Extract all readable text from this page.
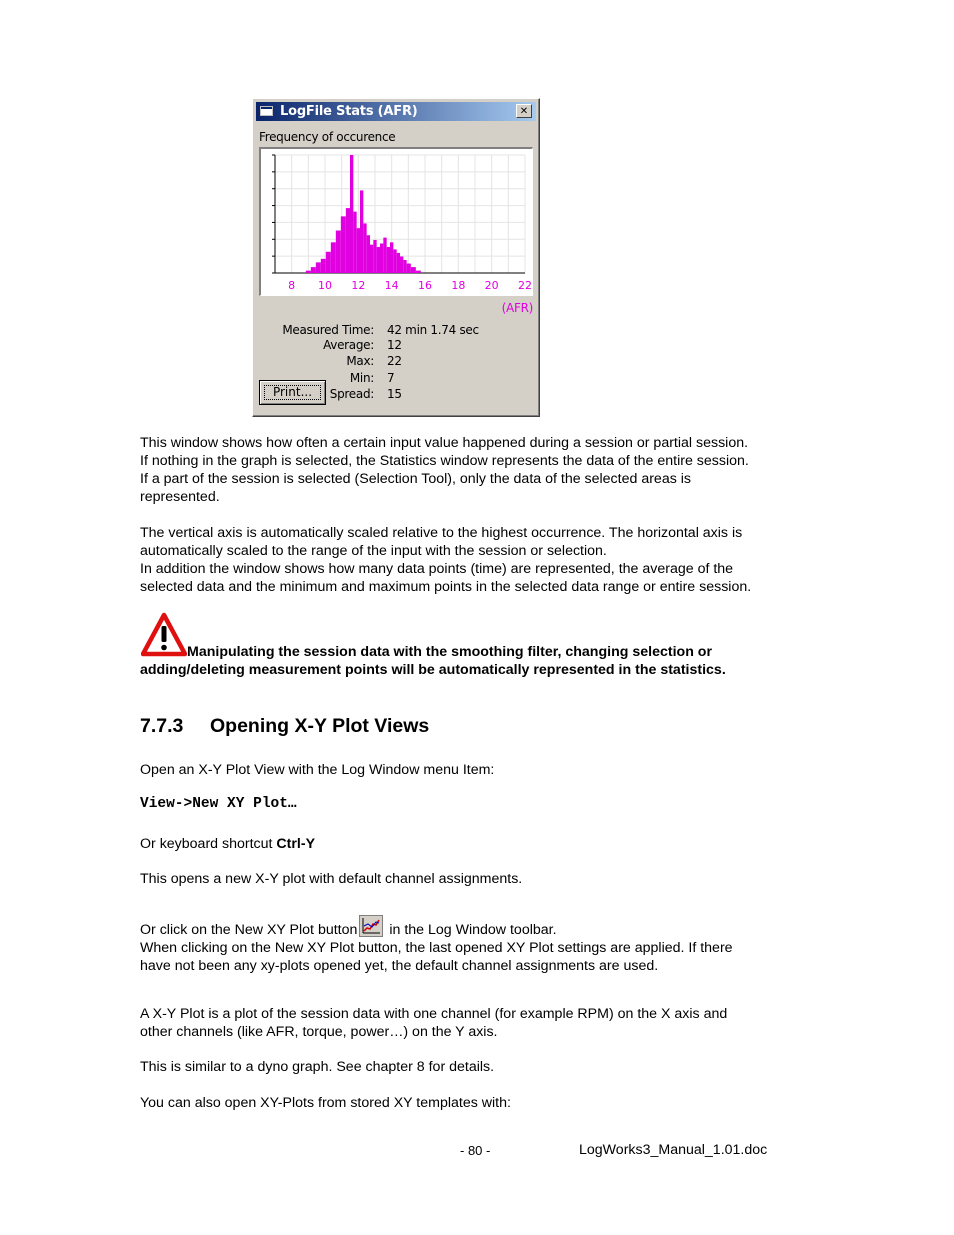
LogFile Stats (AFR)	✕
Frequency of occurence
8 10 12 14 16 18 20 22
(AFR)
Measured Time: 42 min 1.74 sec
Average: 12
Max: 22
Min: 7
Spread: 15
Print...
This window shows how often a certain input value happened during a session or partial session.
If nothing in the graph is selected, the Statistics window represents the data of the entire session.
If a part of the session is selected (Selection Tool), only the data of the selected areas is
represented.
The vertical axis is automatically scaled relative to the highest occurrence. The horizontal axis is
automatically scaled to the range of the input with the session or selection.
In addition the window shows how many data points (time) are represented, the average of the
selected data and the minimum and maximum points in the selected data range or entire session.
Manipulating the session data with the smoothing filter, changing selection or
adding/deleting measurement points will be automatically represented in the statistics.
7.7.3 Opening X-Y Plot Views
Open an X-Y Plot View with the Log Window menu Item:
View->New XY Plot…
Or keyboard shortcut Ctrl-Y
This opens a new X-Y plot with default channel assignments.
Or click on the New XY Plot button
in the Log Window toolbar.
When clicking on the New XY Plot button, the last opened XY Plot settings are applied. If there
have not been any xy-plots opened yet, the default channel assignments are used.
A X-Y Plot is a plot of the session data with one channel (for example RPM) on the X axis and
other channels (like AFR, torque, power…) on the Y axis.
This is similar to a dyno graph. See chapter 8 for details.
You can also open XY-Plots from stored XY templates with:
- 80 -	LogWorks3_Manual_1.01.doc
